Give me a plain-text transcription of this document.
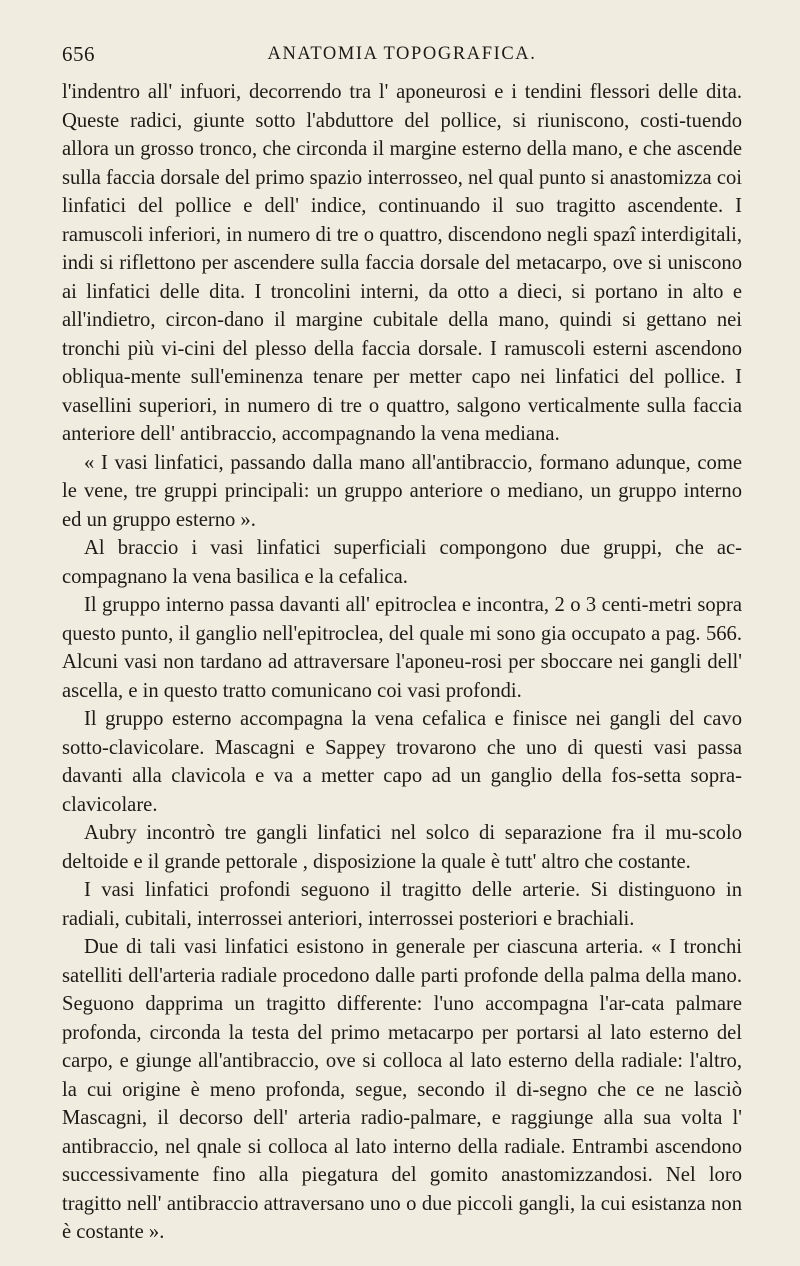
656	ANATOMIA TOPOGRAFICA.

l'indentro all' infuori, decorrendo tra l' aponeurosi e i tendini flessori delle dita. Queste radici, giunte sotto l'abduttore del pollice, si riuniscono, costi-tuendo allora un grosso tronco, che circonda il margine esterno della mano, e che ascende sulla faccia dorsale del primo spazio interrosseo, nel qual punto si anastomizza coi linfatici del pollice e dell' indice, continuando il suo tragitto ascendente. I ramuscoli inferiori, in numero di tre o quattro, discendono negli spazî interdigitali, indi si riflettono per ascendere sulla faccia dorsale del metacarpo, ove si uniscono ai linfatici delle dita. I troncolini interni, da otto a dieci, si portano in alto e all'indietro, circon-dano il margine cubitale della mano, quindi si gettano nei tronchi più vi-cini del plesso della faccia dorsale. I ramuscoli esterni ascendono obliqua-mente sull'eminenza tenare per metter capo nei linfatici del pollice. I vasellini superiori, in numero di tre o quattro, salgono verticalmente sulla faccia anteriore dell' antibraccio, accompagnando la vena mediana.

« I vasi linfatici, passando dalla mano all'antibraccio, formano adunque, come le vene, tre gruppi principali: un gruppo anteriore o mediano, un gruppo interno ed un gruppo esterno ».

Al braccio i vasi linfatici superficiali compongono due gruppi, che ac-compagnano la vena basilica e la cefalica.

Il gruppo interno passa davanti all' epitroclea e incontra, 2 o 3 centi-metri sopra questo punto, il ganglio nell'epitroclea, del quale mi sono gia occupato a pag. 566. Alcuni vasi non tardano ad attraversare l'aponeu-rosi per sboccare nei gangli dell' ascella, e in questo tratto comunicano coi vasi profondi.

Il gruppo esterno accompagna la vena cefalica e finisce nei gangli del cavo sotto-clavicolare. Mascagni e Sappey trovarono che uno di questi vasi passa davanti alla clavicola e va a metter capo ad un ganglio della fos-setta sopra-clavicolare.

Aubry incontrò tre gangli linfatici nel solco di separazione fra il mu-scolo deltoide e il grande pettorale , disposizione la quale è tutt' altro che costante.

I vasi linfatici profondi seguono il tragitto delle arterie. Si distinguono in radiali, cubitali, interrossei anteriori, interrossei posteriori e brachiali.

Due di tali vasi linfatici esistono in generale per ciascuna arteria. « I tronchi satelliti dell'arteria radiale procedono dalle parti profonde della palma della mano. Seguono dapprima un tragitto differente: l'uno accompagna l'ar-cata palmare profonda, circonda la testa del primo metacarpo per portarsi al lato esterno del carpo, e giunge all'antibraccio, ove si colloca al lato esterno della radiale: l'altro, la cui origine è meno profonda, segue, secondo il di-segno che ce ne lasciò Mascagni, il decorso dell' arteria radio-palmare, e raggiunge alla sua volta l' antibraccio, nel qnale si colloca al lato interno della radiale. Entrambi ascendono successivamente fino alla piegatura del gomito anastomizzandosi. Nel loro tragitto nell' antibraccio attraversano uno o due piccoli gangli, la cui esistanza non è costante ».
